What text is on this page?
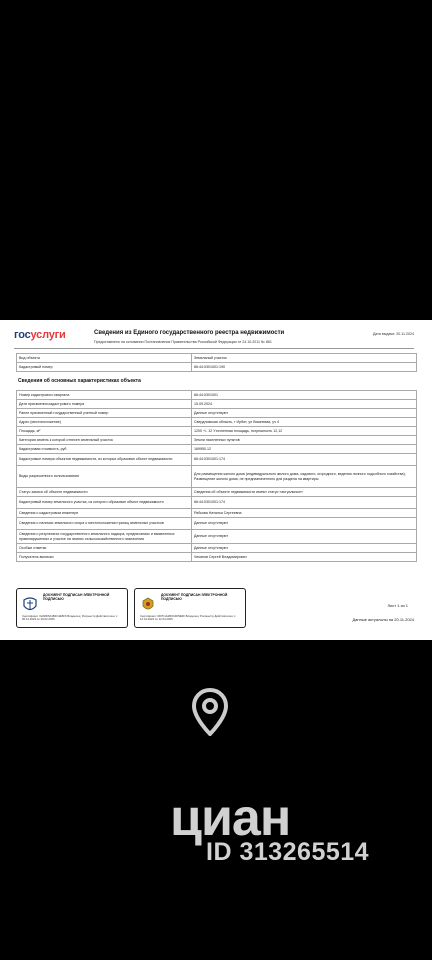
госуслуги	Сведения из Единого государственного реестра недвижимости
Предоставлено на основании Постановления Правительства Российской Федерации от 24.10.2011 № 861
Дата выдачи: 20.11.2024
Вид объекта	Земельный участок
Кадастровый номер	66:44:0301001:190
Сведения об основных характеристиках объекта
Номер кадастрового квартала	66:44:0301001
Дата присвоения кадастрового номера	15.09.2024
Ранее присвоенный государственный учетный номер	Данные отсутствуют
Адрес (местоположение)	Свердловская область, г Ирбит, ул Вишневая, уч 4
Площадь, м²	1200 +/- 12 Уточненная площадь, погрешность 12,12
Категория земель к которой отнесен земельный участок	Земли населенных пунктов
Кадастровая стоимость, руб	169950.12
Кадастровые номера объектов недвижимости, из которых образован объект недвижимости	66:44:0301001:174
Виды разрешенного использования	Для размещения жилого дома (индивидуального жилого дома, садового, огородного, ведения личного подсобного хозяйства); Размещение жилого дома, не предназначенного для раздела на квартиры
Статус записи об объекте недвижимости	Сведения об объекте недвижимости имеют статус «актуальные»
Кадастровый номер земельного участка, из которого образован объект недвижимости	66:44:0301001:174
Сведения о кадастровом инженере	Рябкова Наталья Сергеевна
Сведения о наличии земельного спора о местоположении границ земельных участков	Данные отсутствуют
Сведения о результатах государственного земельного надзора, предписаниях и выявленных правонарушениях и участке на землях сельскохозяйственного назначения	Данные отсутствуют
Особые отметки	Данные отсутствуют
Получатель выписки	Чеканов Сергей Владимирович
ДОКУМЕНТ ПОДПИСАН ЭЛЕКТРОННОЙ ПОДПИСЬЮ
Сертификат: 02A8D5A1B3C4E5F6 Владелец: Росреестр Действителен: с 05.12.2023 по 29.02.2025
ДОКУМЕНТ ПОДПИСАН ЭЛЕКТРОННОЙ ПОДПИСЬЮ
Сертификат: 0D7F1A2B3C4D5E6F Владелец: Росреестр Действителен: с 12.01.2024 по 12.04.2025
Лист 1 из 1
Данные актуальны на 20.11.2024
циан
ID 313265514
